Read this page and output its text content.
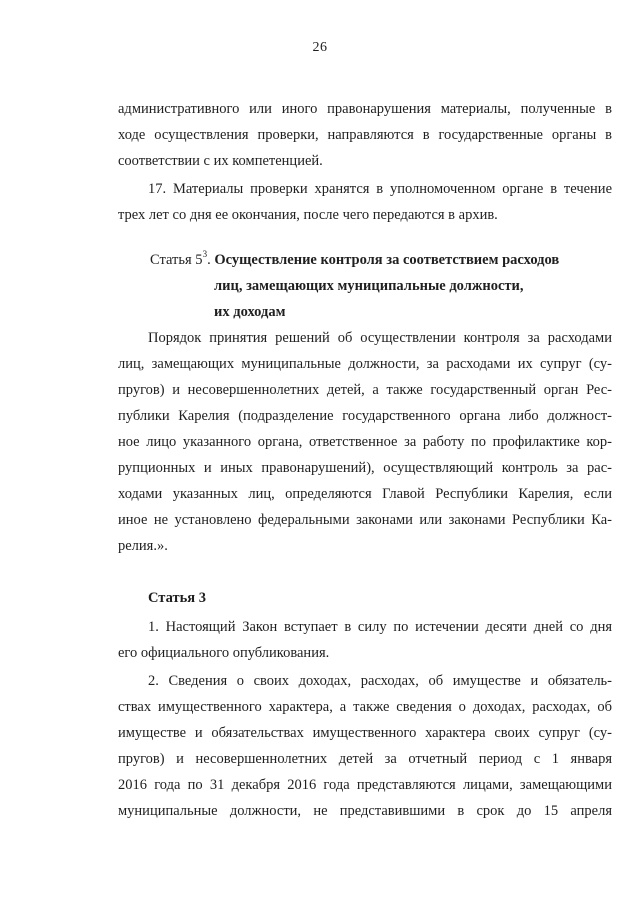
26
административного или иного правонарушения материалы, полученные в
ходе осуществления проверки, направляются в государственные органы в
соответствии с их компетенцией.
17. Материалы проверки хранятся в уполномоченном органе в течение
трех лет со дня ее окончания, после чего передаются в архив.
Статья $5^3$. Осуществление контроля за соответствием расходов
лиц, замещающих муниципальные должности,
их доходам
Порядок принятия решений об осуществлении контроля за расходами
лиц, замещающих муниципальные должности, за расходами их супруг (су-
пругов) и несовершеннолетних детей, а также государственный орган Рес-
публики Карелия (подразделение государственного органа либо должност-
ное лицо указанного органа, ответственное за работу по профилактике кор-
рупционных и иных правонарушений), осуществляющий контроль за рас-
ходами указанных лиц, определяются Главой Республики Карелия, если
иное не установлено федеральными законами или законами Республики Ка-
релия.».
Статья 3
1. Настоящий Закон вступает в силу по истечении десяти дней со дня
его официального опубликования.
2. Сведения о своих доходах, расходах, об имуществе и обязатель-
ствах имущественного характера, а также сведения о доходах, расходах, об
имуществе и обязательствах имущественного характера своих супруг (су-
пругов) и несовершеннолетних детей за отчетный период с 1 января
2016 года по 31 декабря 2016 года представляются лицами, замещающими
муниципальные должности, не представившими в срок до 15 апреля
